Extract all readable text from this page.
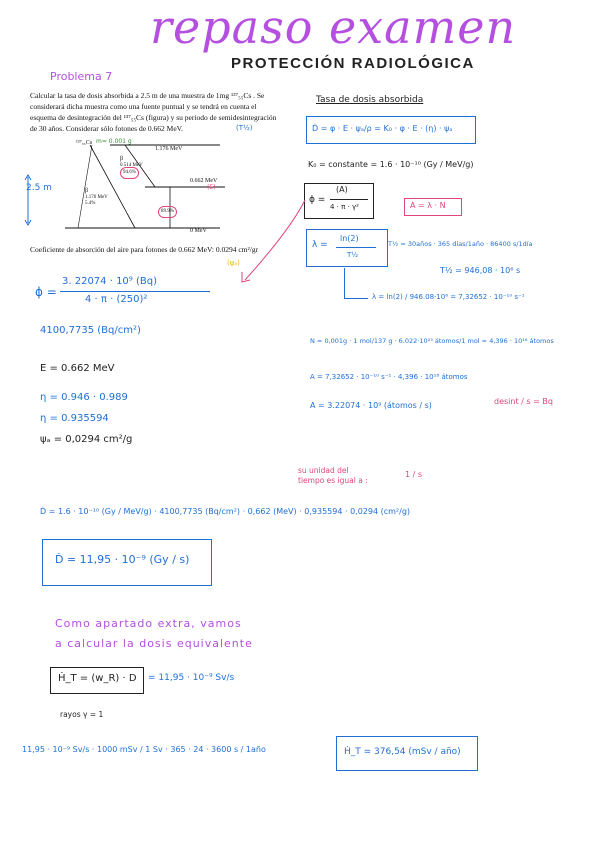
repaso examen
PROTECCIÓN RADIOLÓGICA
Problema 7
Calcular la tasa de dosis absorbida a 2.5 m de una muestra de 1mg ¹³⁷₅₅Cs . Se
considerará dicha muestra como una fuente puntual y se tendrá en cuenta el
esquema de desintegración del ¹³⁷₅₅Cs (figura) y su periodo de semidesintegración
de 30 años. Considerar sólo fotones de 0.662 MeV.	(T½)
¹³⁷₅₅Cs m= 0.001 g
1.176 MeV
β
0.514 MeV
94.6%
0.662 MeV
(E)
β
1.176 MeV
5.4%
89.9%
0 MeV
2.5 m
Coeficiente de absorción del aire para fotones de 0.662 MeV: 0.0294 cm²/gr
(ψₐ)
ϕ =
3. 22074 · 10⁹ (Bq)
4 · π · (250)²
4100,7735 (Bq/cm²)
E = 0.662 MeV
η = 0.946 · 0.989
η = 0.935594
ψₐ = 0,0294 cm²/g
Tasa de dosis absorbida
Ḋ = φ · E · ψₐ/ρ = K₀ · φ · E · (η) · ψₐ
K₀ = constante = 1.6 · 10⁻¹⁰ (Gy / MeV/g)
ϕ =
(A)
4 · π · γ²	A = λ · N
λ =
ln(2)
T½
T½ = 30años · 365 días/1año · 86400 s/1día
T½ = 946,08 · 10⁶ s
λ = ln(2) / 946.08·10⁶ = 7,32652 · 10⁻¹⁰ s⁻¹
N = 0,001g · 1 mol/137 g · 6.022·10²³ átomos/1 mol = 4,396 · 10¹⁸ átomos
A = 7,32652 · 10⁻¹⁰ s⁻¹ · 4,396 · 10¹⁸ átomos
A = 3.22074 · 10⁹ (átomos / s)	desint / s = Bq
su unidad del
tiempo es igual a :
1 / s
Ḋ = 1.6 · 10⁻¹⁰ (Gy / MeV/g) · 4100,7735 (Bq/cm²) · 0,662 (MeV) · 0,935594 · 0,0294 (cm²/g)
Ḋ = 11,95 · 10⁻⁹ (Gy / s)
Como apartado extra, vamos
a calcular la dosis equivalente
Ḣ_T = (w_R) · D = 11,95 · 10⁻⁹ Sv/s
rayos γ = 1
11,95 · 10⁻⁹ Sv/s · 1000 mSv / 1 Sv · 365 · 24 · 3600 s / 1año	Ḣ_T = 376,54 (mSv / año)
